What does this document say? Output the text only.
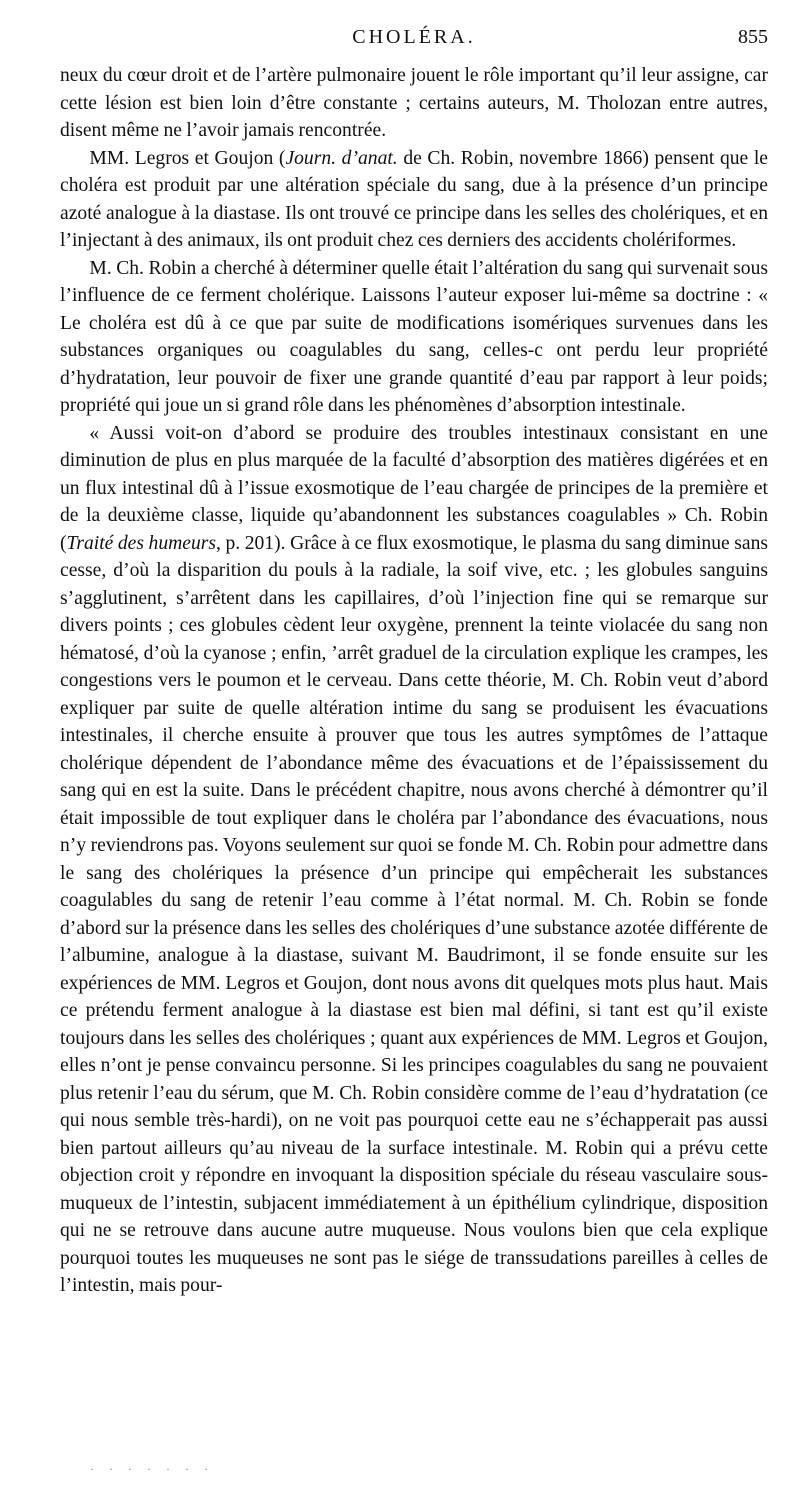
CHOLÉRA.	855

neux du cœur droit et de l’artère pulmonaire jouent le rôle important qu’il leur assigne, car cette lésion est bien loin d’être constante ; certains auteurs, M. Tholozan entre autres, disent même ne l’avoir jamais rencontrée.

  MM. Legros et Goujon (Journ. d’anat. de Ch. Robin, novembre 1866) pensent que le choléra est produit par une altération spéciale du sang, due à la présence d’un principe azoté analogue à la diastase. Ils ont trouvé ce principe dans les selles des cholériques, et en l’injectant à des animaux, ils ont produit chez ces derniers des accidents cholériformes.

  M. Ch. Robin a cherché à déterminer quelle était l’altération du sang qui survenait sous l’influence de ce ferment cholérique. Laissons l’auteur exposer lui-même sa doctrine : « Le choléra est dû à ce que par suite de modifications isomériques survenues dans les substances organiques ou coagulables du sang, celles-c ont perdu leur propriété d’hydratation, leur pouvoir de fixer une grande quantité d’eau par rapport à leur poids; propriété qui joue un si grand rôle dans les phénomènes d’absorption intestinale.

  « Aussi voit-on d’abord se produire des troubles intestinaux consistant en une diminution de plus en plus marquée de la faculté d’absorption des matières digérées et en un flux intestinal dû à l’issue exosmotique de l’eau chargée de principes de la première et de la deuxième classe, liquide qu’abandonnent les substances coagulables » Ch. Robin (Traité des humeurs, p. 201). Grâce à ce flux exosmotique, le plasma du sang diminue sans cesse, d’où la disparition du pouls à la radiale, la soif vive, etc. ; les globules sanguins s’agglutinent, s’arrêtent dans les capillaires, d’où l’injection fine qui se remarque sur divers points ; ces globules cèdent leur oxygène, prennent la teinte violacée du sang non hématosé, d’où la cyanose ; enfin, ’arrêt graduel de la circulation explique les crampes, les congestions vers le poumon et le cerveau. Dans cette théorie, M. Ch. Robin veut d’abord expliquer par suite de quelle altération intime du sang se produisent les évacuations intestinales, il cherche ensuite à prouver que tous les autres symptômes de l’attaque cholérique dépendent de l’abondance même des évacuations et de l’épaississement du sang qui en est la suite. Dans le précédent chapitre, nous avons cherché à démontrer qu’il était impossible de tout expliquer dans le choléra par l’abondance des évacuations, nous n’y reviendrons pas. Voyons seulement sur quoi se fonde M. Ch. Robin pour admettre dans le sang des cholériques la présence d’un principe qui empêcherait les substances coagulables du sang de retenir l’eau comme à l’état normal. M. Ch. Robin se fonde d’abord sur la présence dans les selles des cholériques d’une substance azotée différente de l’albumine, analogue à la diastase, suivant M. Baudrimont, il se fonde ensuite sur les expériences de MM. Legros et Goujon, dont nous avons dit quelques mots plus haut. Mais ce prétendu ferment analogue à la diastase est bien mal défini, si tant est qu’il existe toujours dans les selles des cholériques ; quant aux expériences de MM. Legros et Goujon, elles n’ont je pense convaincu personne. Si les principes coagulables du sang ne pouvaient plus retenir l’eau du sérum, que M. Ch. Robin considère comme de l’eau d’hydratation (ce qui nous semble très-hardi), on ne voit pas pourquoi cette eau ne s’échapperait pas aussi bien partout ailleurs qu’au niveau de la surface intestinale. M. Robin qui a prévu cette objection croit y répondre en invoquant la disposition spéciale du réseau vasculaire sous-muqueux de l’intestin, subjacent immédiatement à un épithélium cylindrique, disposition qui ne se retrouve dans aucune autre muqueuse. Nous voulons bien que cela explique pourquoi toutes les muqueuses ne sont pas le siége de transsudations pareilles à celles de l’intestin, mais pour-

· · · · · · ·
